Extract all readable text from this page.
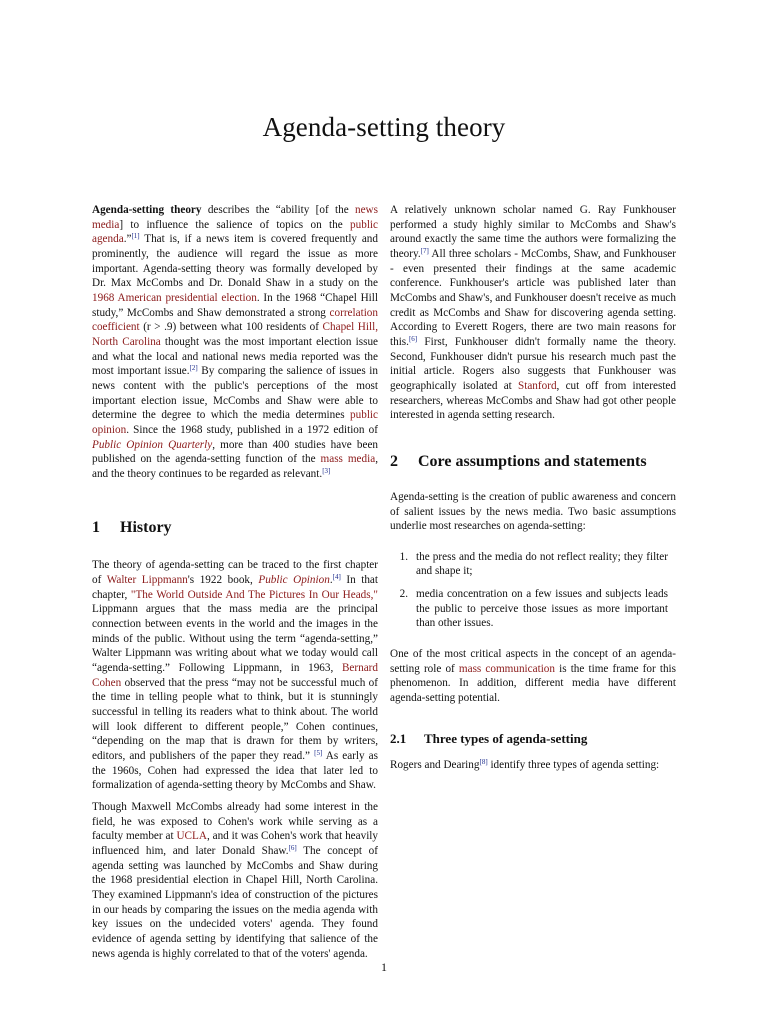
Agenda-setting theory

Agenda-setting theory describes the “ability [of the news media] to influence the salience of topics on the public agenda.”[1] That is, if a news item is covered frequently and prominently, the audience will regard the issue as more important. Agenda-setting theory was formally developed by Dr. Max McCombs and Dr. Donald Shaw in a study on the 1968 American presidential election. In the 1968 “Chapel Hill study,” McCombs and Shaw demonstrated a strong correlation coefficient (r > .9) between what 100 residents of Chapel Hill, North Carolina thought was the most important election issue and what the local and national news media reported was the most important issue.[2] By comparing the salience of issues in news content with the public's perceptions of the most important election issue, McCombs and Shaw were able to determine the degree to which the media determines public opinion. Since the 1968 study, published in a 1972 edition of Public Opinion Quarterly, more than 400 studies have been published on the agenda-setting function of the mass media, and the theory continues to be regarded as relevant.[3]

1	History

The theory of agenda-setting can be traced to the first chapter of Walter Lippmann's 1922 book, Public Opinion.[4] In that chapter, "The World Outside And The Pictures In Our Heads," Lippmann argues that the mass media are the principal connection between events in the world and the images in the minds of the public. Without using the term “agenda-setting,” Walter Lippmann was writing about what we today would call “agenda-setting.” Following Lippmann, in 1963, Bernard Cohen observed that the press “may not be successful much of the time in telling people what to think, but it is stunningly successful in telling its readers what to think about. The world will look different to different people,” Cohen continues, “depending on the map that is drawn for them by writers, editors, and publishers of the paper they read.” [5] As early as the 1960s, Cohen had expressed the idea that later led to formalization of agenda-setting theory by McCombs and Shaw.

Though Maxwell McCombs already had some interest in the field, he was exposed to Cohen's work while serving as a faculty member at UCLA, and it was Cohen's work that heavily influenced him, and later Donald Shaw.[6] The concept of agenda setting was launched by McCombs and Shaw during the 1968 presidential election in Chapel Hill, North Carolina. They examined Lippmann's idea of construction of the pictures in our heads by comparing the issues on the media agenda with key issues on the undecided voters' agenda. They found evidence of agenda setting by identifying that salience of the news agenda is highly correlated to that of the voters' agenda.

A relatively unknown scholar named G. Ray Funkhouser performed a study highly similar to McCombs and Shaw's around exactly the same time the authors were formalizing the theory.[7] All three scholars - McCombs, Shaw, and Funkhouser - even presented their findings at the same academic conference. Funkhouser's article was published later than McCombs and Shaw's, and Funkhouser doesn't receive as much credit as McCombs and Shaw for discovering agenda setting. According to Everett Rogers, there are two main reasons for this.[6] First, Funkhouser didn't formally name the theory. Second, Funkhouser didn't pursue his research much past the initial article. Rogers also suggests that Funkhouser was geographically isolated at Stanford, cut off from interested researchers, whereas McCombs and Shaw had got other people interested in agenda setting research.

2	Core assumptions and statements

Agenda-setting is the creation of public awareness and concern of salient issues by the news media. Two basic assumptions underlie most researches on agenda-setting:

1. the press and the media do not reflect reality; they filter and shape it;
2. media concentration on a few issues and subjects leads the public to perceive those issues as more important than other issues.

One of the most critical aspects in the concept of an agenda-setting role of mass communication is the time frame for this phenomenon. In addition, different media have different agenda-setting potential.

2.1	Three types of agenda-setting

Rogers and Dearing[8] identify three types of agenda setting:

1
